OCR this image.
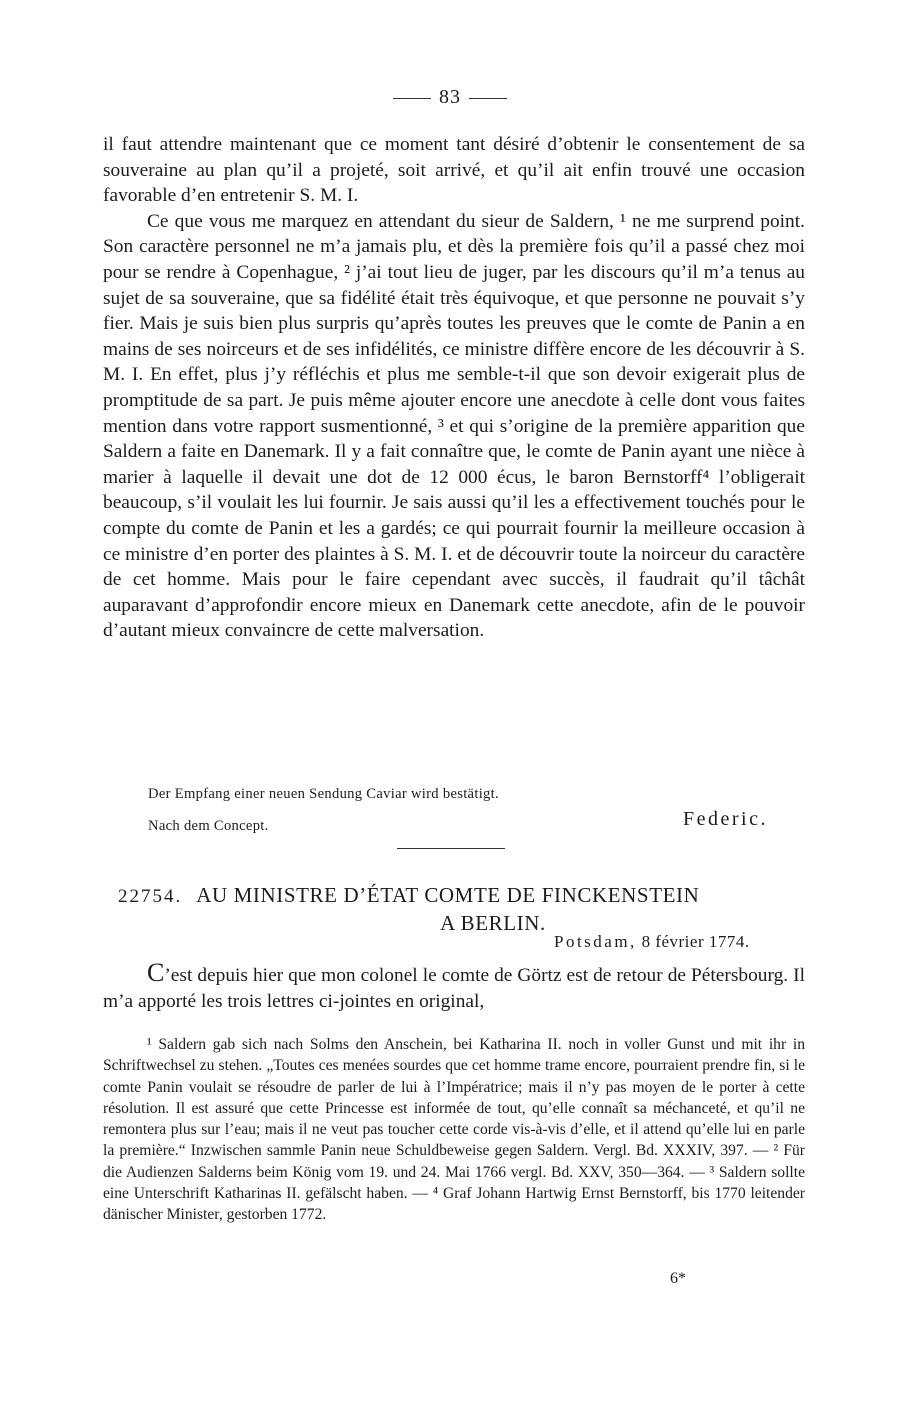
83

il faut attendre maintenant que ce moment tant désiré d’obtenir le consentement de sa souveraine au plan qu’il a projeté, soit arrivé, et qu’il ait enfin trouvé une occasion favorable d’en entretenir S. M. I.

Ce que vous me marquez en attendant du sieur de Saldern, ¹ ne me surprend point. Son caractère personnel ne m’a jamais plu, et dès la première fois qu’il a passé chez moi pour se rendre à Copenhague, ² j’ai tout lieu de juger, par les discours qu’il m’a tenus au sujet de sa souveraine, que sa fidélité était très équivoque, et que personne ne pouvait s’y fier. Mais je suis bien plus surpris qu’après toutes les preuves que le comte de Panin a en mains de ses noirceurs et de ses infidélités, ce ministre diffère encore de les découvrir à S. M. I. En effet, plus j’y réfléchis et plus me semble-t-il que son devoir exigerait plus de promptitude de sa part. Je puis même ajouter encore une anecdote à celle dont vous faites mention dans votre rapport susmentionné, ³ et qui s’origine de la première apparition que Saldern a faite en Danemark. Il y a fait connaître que, le comte de Panin ayant une nièce à marier à laquelle il devait une dot de 12 000 écus, le baron Bernstorff⁴ l’obligerait beaucoup, s’il voulait les lui fournir. Je sais aussi qu’il les a effectivement touchés pour le compte du comte de Panin et les a gardés; ce qui pourrait fournir la meilleure occasion à ce ministre d’en porter des plaintes à S. M. I. et de découvrir toute la noirceur du caractère de cet homme. Mais pour le faire cependant avec succès, il faudrait qu’il tâchât auparavant d’approfondir encore mieux en Danemark cette anecdote, afin de le pouvoir d’autant mieux convaincre de cette malversation.

Der Empfang einer neuen Sendung Caviar wird bestätigt.
Nach dem Concept.	Federic.
22754. AU MINISTRE D’ÉTAT COMTE DE FINCKENSTEIN
A BERLIN.
Potsdam, 8 février 1774.

C’est depuis hier que mon colonel le comte de Görtz est de retour de Pétersbourg. Il m’a apporté les trois lettres ci-jointes en original,

¹ Saldern gab sich nach Solms den Anschein, bei Katharina II. noch in voller Gunst und mit ihr in Schriftwechsel zu stehen. „Toutes ces menées sourdes que cet homme trame encore, pourraient prendre fin, si le comte Panin voulait se résoudre de parler de lui à l’Impératrice; mais il n’y pas moyen de le porter à cette résolution. Il est assuré que cette Princesse est informée de tout, qu’elle connaît sa méchanceté, et qu’il ne remontera plus sur l’eau; mais il ne veut pas toucher cette corde vis-à-vis d’elle, et il attend qu’elle lui en parle la première.“ Inzwischen sammle Panin neue Schuldbeweise gegen Saldern. Vergl. Bd. XXXIV, 397. — ² Für die Audienzen Salderns beim König vom 19. und 24. Mai 1766 vergl. Bd. XXV, 350—364. — ³ Saldern sollte eine Unterschrift Katharinas II. gefälscht haben. — ⁴ Graf Johann Hartwig Ernst Bernstorff, bis 1770 leitender dänischer Minister, gestorben 1772.

6*
